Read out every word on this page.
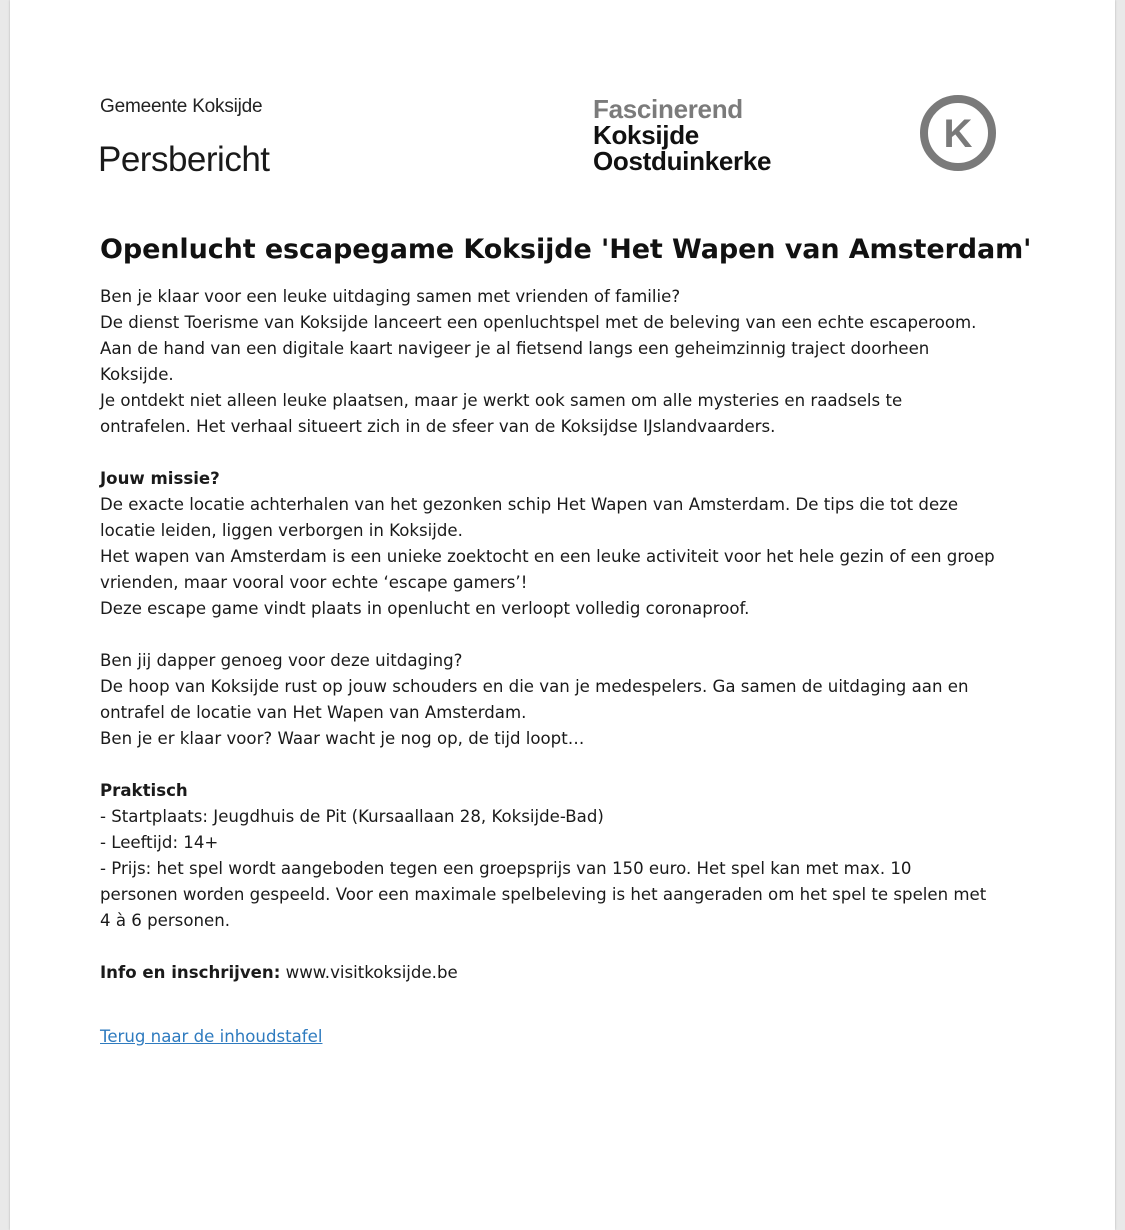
Gemeente Koksijde
Persbericht
Fascinerend
Koksijde
Oostduinkerke
K
Openlucht escapegame Koksijde 'Het Wapen van Amsterdam'

Ben je klaar voor een leuke uitdaging samen met vrienden of familie?
De dienst Toerisme van Koksijde lanceert een openluchtspel met de beleving van een echte escaperoom.
Aan de hand van een digitale kaart navigeer je al fietsend langs een geheimzinnig traject doorheen
Koksijde.
Je ontdekt niet alleen leuke plaatsen, maar je werkt ook samen om alle mysteries en raadsels te
ontrafelen. Het verhaal situeert zich in de sfeer van de Koksijdse IJslandvaarders.

Jouw missie?
De exacte locatie achterhalen van het gezonken schip Het Wapen van Amsterdam. De tips die tot deze
locatie leiden, liggen verborgen in Koksijde.
Het wapen van Amsterdam is een unieke zoektocht en een leuke activiteit voor het hele gezin of een groep
vrienden, maar vooral voor echte ‘escape gamers’!
Deze escape game vindt plaats in openlucht en verloopt volledig coronaproof.

Ben jij dapper genoeg voor deze uitdaging?
De hoop van Koksijde rust op jouw schouders en die van je medespelers. Ga samen de uitdaging aan en
ontrafel de locatie van Het Wapen van Amsterdam.
Ben je er klaar voor? Waar wacht je nog op, de tijd loopt…

Praktisch
- Startplaats: Jeugdhuis de Pit (Kursaallaan 28, Koksijde-Bad)
- Leeftijd: 14+
- Prijs: het spel wordt aangeboden tegen een groepsprijs van 150 euro. Het spel kan met max. 10
personen worden gespeeld. Voor een maximale spelbeleving is het aangeraden om het spel te spelen met
4 à 6 personen.

Info en inschrijven: www.visitkoksijde.be

Terug naar de inhoudstafel
